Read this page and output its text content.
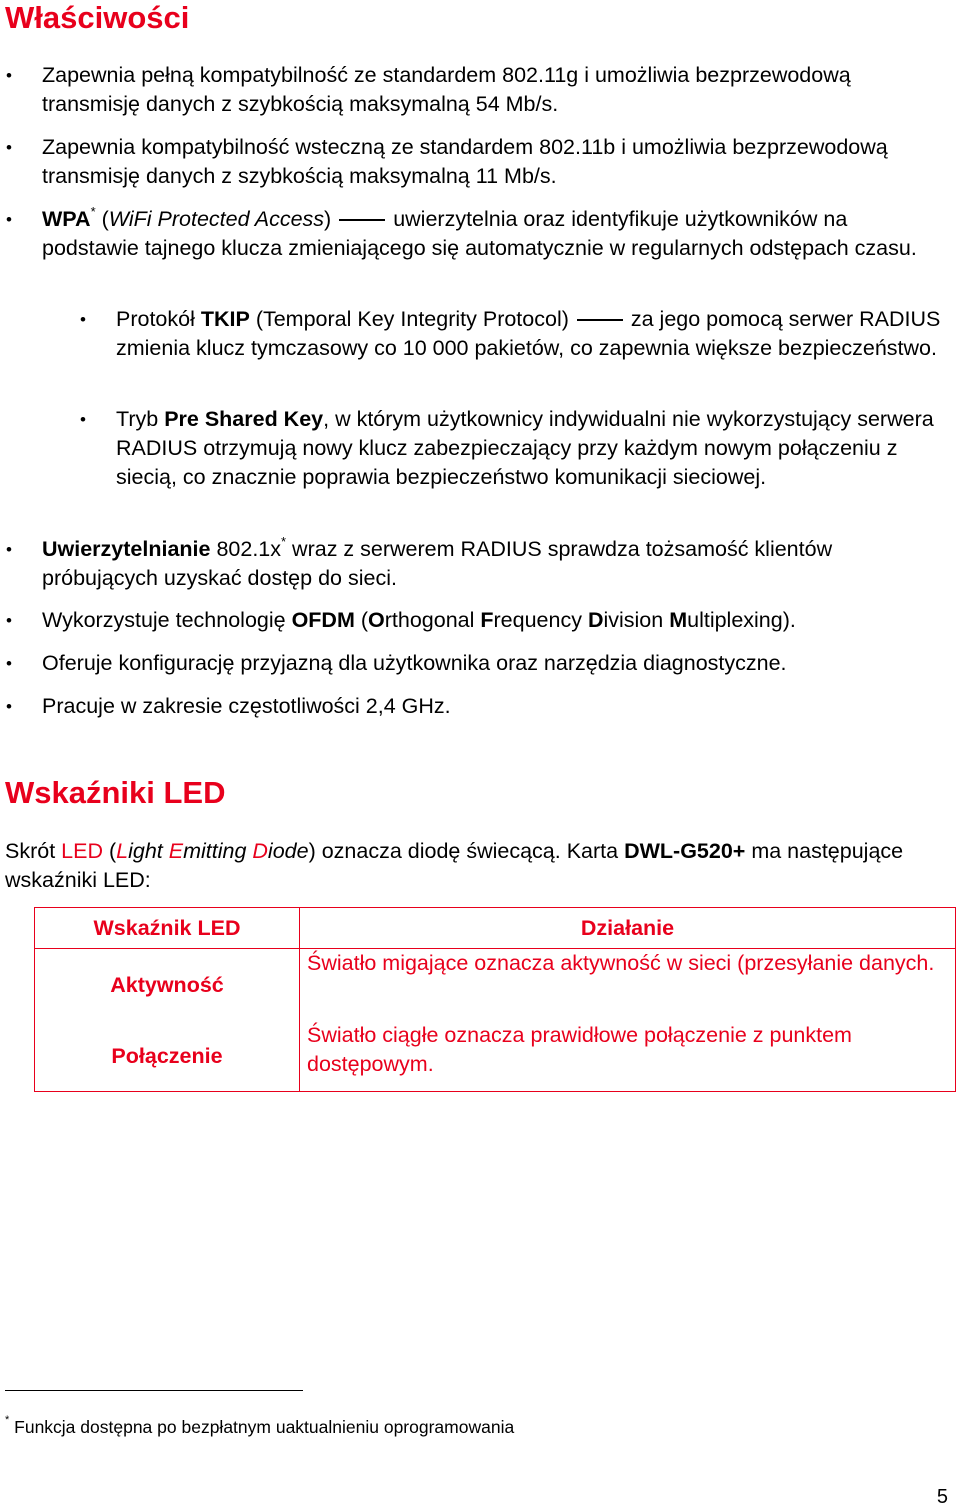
Właściwości
•
Zapewnia pełną kompatybilność ze standardem 802.11g i umożliwia bezprzewodową transmisję danych z szybkością maksymalną 54 Mb/s.
•
Zapewnia kompatybilność wsteczną ze standardem 802.11b i umożliwia bezprzewodową transmisję danych z szybkością maksymalną 11 Mb/s.
•
WPA* (WiFi Protected Access)	uwierzytelnia oraz identyfikuje użytkowników na podstawie tajnego klucza zmieniającego się automatycznie w regularnych odstępach czasu.
•
Protokół TKIP (Temporal Key Integrity Protocol)	za jego pomocą serwer RADIUS zmienia klucz tymczasowy co 10 000 pakietów, co zapewnia większe bezpieczeństwo.
•
Tryb Pre Shared Key, w którym użytkownicy indywidualni nie wykorzystujący serwera RADIUS otrzymują nowy klucz zabezpieczający przy każdym nowym połączeniu z siecią, co znacznie poprawia bezpieczeństwo komunikacji sieciowej.
•
Uwierzytelnianie 802.1x* wraz z serwerem RADIUS sprawdza tożsamość klientów próbujących uzyskać dostęp do sieci.
•
Wykorzystuje technologię OFDM (Orthogonal Frequency Division Multiplexing).
•
Oferuje konfigurację przyjazną dla użytkownika oraz narzędzia diagnostyczne.
•
Pracuje w zakresie częstotliwości 2,4 GHz.
Wskaźniki LED

Skrót LED (Light Emitting Diode) oznacza diodę świecącą. Karta DWL-G520+ ma następujące wskaźniki LED:

Wskaźnik LED	Działanie
Aktywność	Światło migające oznacza aktywność w sieci (przesyłanie danych.
Połączenie	Światło ciągłe oznacza prawidłowe połączenie z punktem dostępowym.
* Funkcja dostępna po bezpłatnym uaktualnieniu oprogramowania
5
